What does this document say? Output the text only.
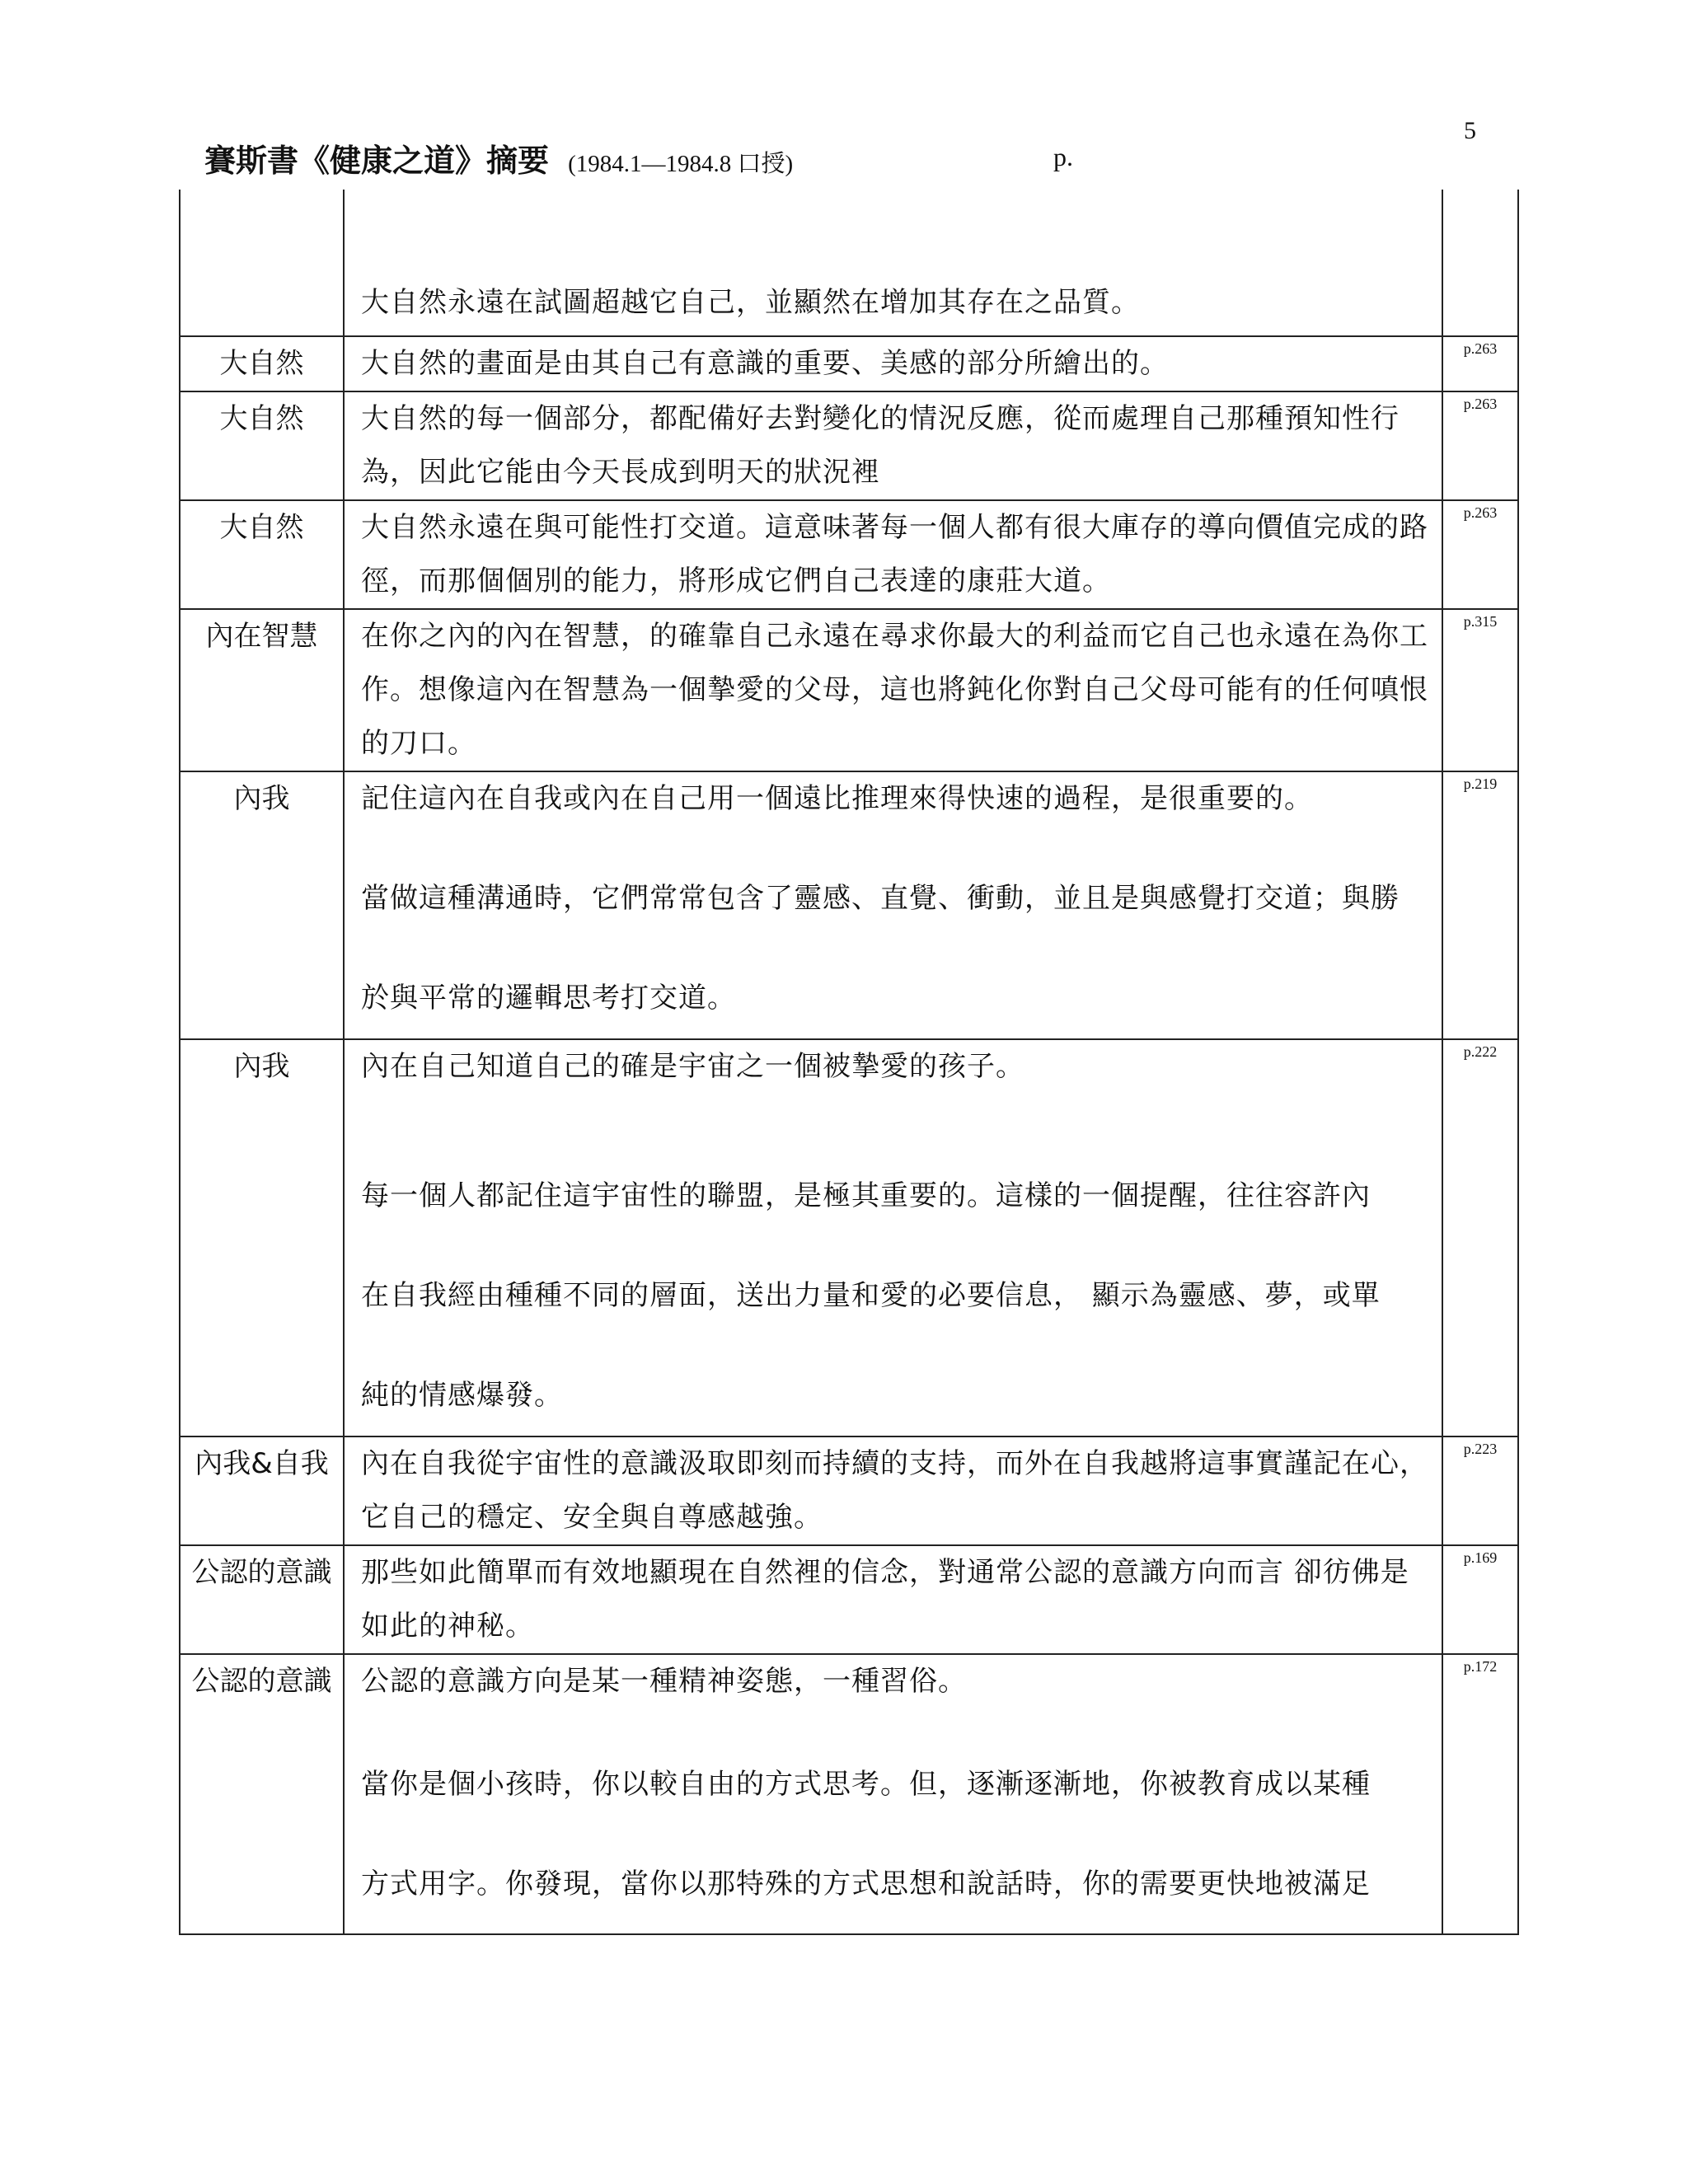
5
賽斯書《健康之道》摘要 (1984.1—1984.8 口授)	p.

	大自然永遠在試圖超越它自己，並顯然在增加其存在之品質。	

大自然	大自然的畫面是由其自己有意識的重要、美感的部分所繪出的。	p.263

大自然	大自然的每一個部分，都配備好去對變化的情況反應，從而處理自己那種預知性行為，因此它能由今天長成到明天的狀況裡	p.263

大自然	大自然永遠在與可能性打交道。這意味著每一個人都有很大庫存的導向價值完成的路徑，而那個個別的能力，將形成它們自己表達的康莊大道。	p.263

內在智慧	在你之內的內在智慧，的確靠自己永遠在尋求你最大的利益而它自己也永遠在為你工作。想像這內在智慧為一個摯愛的父母，這也將鈍化你對自己父母可能有的任何嗔恨的刀口。	p.315

內我	記住這內在自我或內在自己用一個遠比推理來得快速的過程，是很重要的。

當做這種溝通時，它們常常包含了靈感、直覺、衝動，並且是與感覺打交道；與勝

於與平常的邏輯思考打交道。	p.219

內我	內在自己知道自己的確是宇宙之一個被摯愛的孩子。

每一個人都記住這宇宙性的聯盟，是極其重要的。這樣的一個提醒，往往容許內

在自我經由種種不同的層面，送出力量和愛的必要信息， 顯示為靈感、夢，或單

純的情感爆發。	p.222

內我&自我	內在自我從宇宙性的意識汲取即刻而持續的支持，而外在自我越將這事實謹記在心，它自己的穩定、安全與自尊感越強。	p.223

公認的意識	那些如此簡單而有效地顯現在自然裡的信念，對通常公認的意識方向而言 卻彷佛是如此的神秘。	p.169

公認的意識	公認的意識方向是某一種精神姿態，一種習俗。

當你是個小孩時，你以較自由的方式思考。但，逐漸逐漸地，你被教育成以某種

方式用字。你發現，當你以那特殊的方式思想和說話時，你的需要更快地被滿足	p.172
